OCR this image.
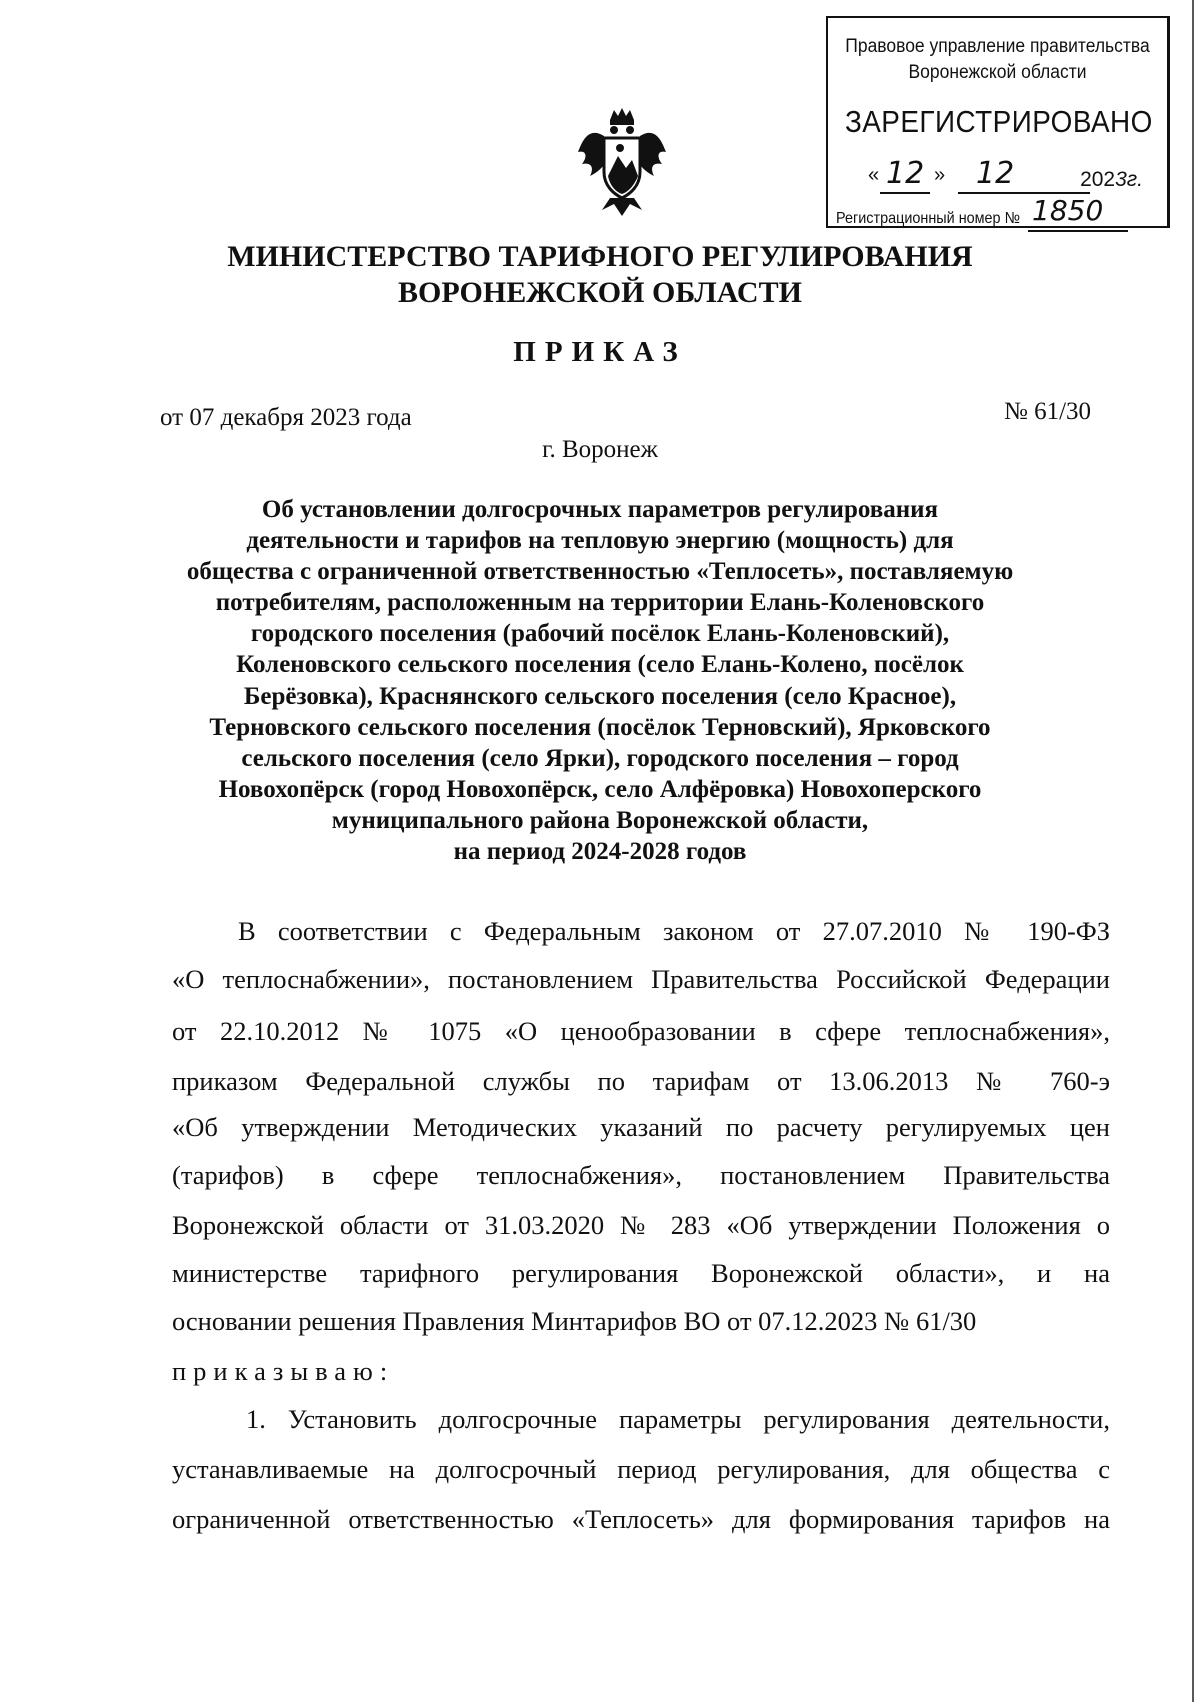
Правовое управление правительства
Воронежской области
ЗАРЕГИСТРИРОВАНО
« 12 » 12	2023г.
Регистрационный номер № 1850
МИНИСТЕРСТВО ТАРИФНОГО РЕГУЛИРОВАНИЯ
ВОРОНЕЖСКОЙ ОБЛАСТИ
ПРИКАЗ
от 07 декабря 2023 года	№ 61/30
г. Воронеж
Об установлении долгосрочных параметров регулирования
деятельности и тарифов на тепловую энергию (мощность) для
общества с ограниченной ответственностью «Теплосеть», поставляемую
потребителям, расположенным на территории Елань-Коленовского
городского поселения (рабочий посёлок Елань-Коленовский),
Коленовского сельского поселения (село Елань-Колено, посёлок
Берёзовка), Краснянского сельского поселения (село Красное),
Терновского сельского поселения (посёлок Терновский), Ярковского
сельского поселения (село Ярки), городского поселения – город
Новохопёрск (город Новохопёрск, село Алфёровка) Новохоперского
муниципального района Воронежской области,
на период 2024-2028 годов
В соответствии с Федеральным законом от 27.07.2010 № 190-ФЗ
«О теплоснабжении», постановлением Правительства Российской Федерации
от 22.10.2012 № 1075 «О ценообразовании в сфере теплоснабжения»,
приказом Федеральной службы по тарифам от 13.06.2013 № 760-э
«Об утверждении Методических указаний по расчету регулируемых цен
(тарифов) в сфере теплоснабжения», постановлением Правительства
Воронежской области от 31.03.2020 № 283 «Об утверждении Положения о
министерстве тарифного регулирования Воронежской области», и на
основании решения Правления Минтарифов ВО от 07.12.2023 № 61/30
приказываю:
1. Установить долгосрочные параметры регулирования деятельности,
устанавливаемые на долгосрочный период регулирования, для общества с
ограниченной ответственностью «Теплосеть» для формирования тарифов на
